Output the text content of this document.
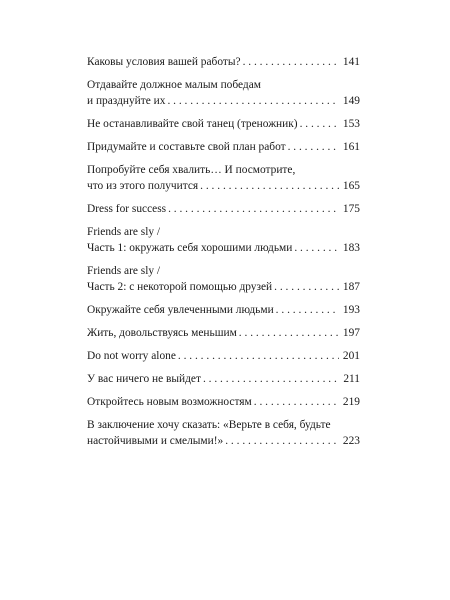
Каковы условия вашей работы? . . .	141
Отдавайте должное малым победам
и празднуйте их . . .	149
Не останавливайте свой танец (треножник) . . .	153
Придумайте и составьте свой план работ . . .	161
Попробуйте себя хвалить… И посмотрите,
что из этого получится . . .	165
Dress for success . . .	175
Friends are sly /
Часть 1: окружать себя хорошими людьми . . .	183
Friends are sly /
Часть 2: с некоторой помощью друзей . . .	187
Окружайте себя увлеченными людьми . . .	193
Жить, довольствуясь меньшим . . .	197
Do not worry alone . . .	201
У вас ничего не выйдет . . .	211
Откройтесь новым возможностям . . .	219
В заключение хочу сказать: «Верьте в себя, будьте
настойчивыми и смелыми!» . . .	223
